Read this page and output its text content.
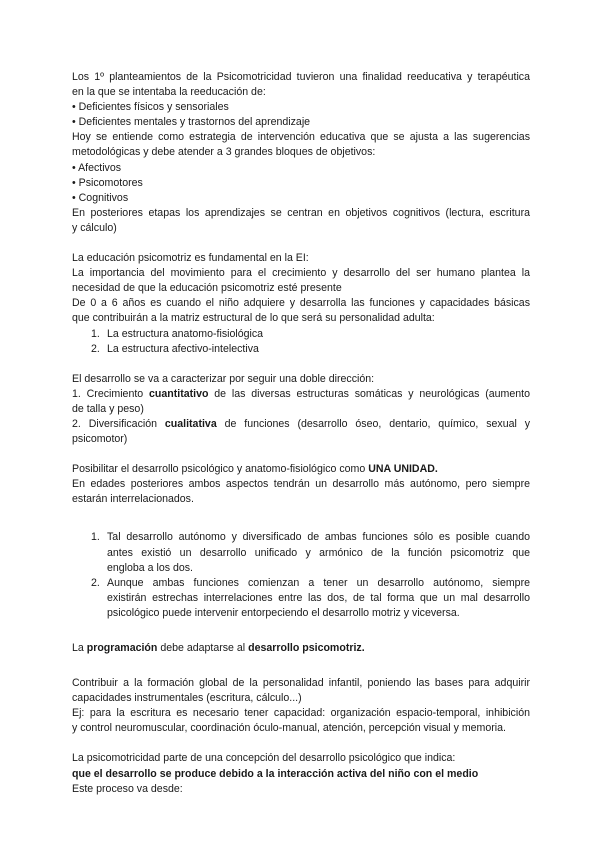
Los 1º planteamientos de la Psicomotricidad tuvieron una finalidad reeducativa y terapéutica

en la que se intentaba la reeducación de:

• Deficientes físicos y sensoriales

• Deficientes mentales y trastornos del aprendizaje

Hoy se entiende como estrategia de intervención educativa que se ajusta a las sugerencias

metodológicas y debe atender a 3 grandes bloques de objetivos:

• Afectivos

• Psicomotores

• Cognitivos

En posteriores etapas los aprendizajes se centran en objetivos cognitivos (lectura, escritura

y cálculo)

La educación psicomotriz es fundamental en la EI:

La importancia del movimiento para el crecimiento y desarrollo del ser humano plantea la

necesidad de que la educación psicomotriz esté presente

De 0 a 6 años es cuando el niño adquiere y desarrolla las funciones y capacidades básicas

que contribuirán a la matriz estructural de lo que será su personalidad adulta:

1. La estructura anatomo-fisiológica

2. La estructura afectivo-intelectiva

El desarrollo se va a caracterizar por seguir una doble dirección:

1. Crecimiento cuantitativo de las diversas estructuras somáticas y neurológicas (aumento

de talla y peso)

2. Diversificación cualitativa de funciones (desarrollo óseo, dentario, químico, sexual y

psicomotor)

Posibilitar el desarrollo psicológico y anatomo-fisiológico como UNA UNIDAD.

En edades posteriores ambos aspectos tendrán un desarrollo más autónomo, pero siempre

estarán interrelacionados.

1. Tal desarrollo autónomo y diversificado de ambas funciones sólo es posible cuando

antes existió un desarrollo unificado y armónico de la función psicomotriz que

engloba a los dos.

2. Aunque ambas funciones comienzan a tener un desarrollo autónomo, siempre

existirán estrechas interrelaciones entre las dos, de tal forma que un mal desarrollo

psicológico puede intervenir entorpeciendo el desarrollo motriz y viceversa.

La programación debe adaptarse al desarrollo psicomotriz.

Contribuir a la formación global de la personalidad infantil, poniendo las bases para adquirir

capacidades instrumentales (escritura, cálculo...)

Ej: para la escritura es necesario tener capacidad: organización espacio-temporal, inhibición

y control neuromuscular, coordinación óculo-manual, atención, percepción visual y memoria.

La psicomotricidad parte de una concepción del desarrollo psicológico que indica:

que el desarrollo se produce debido a la interacción activa del niño con el medio

Este proceso va desde:
